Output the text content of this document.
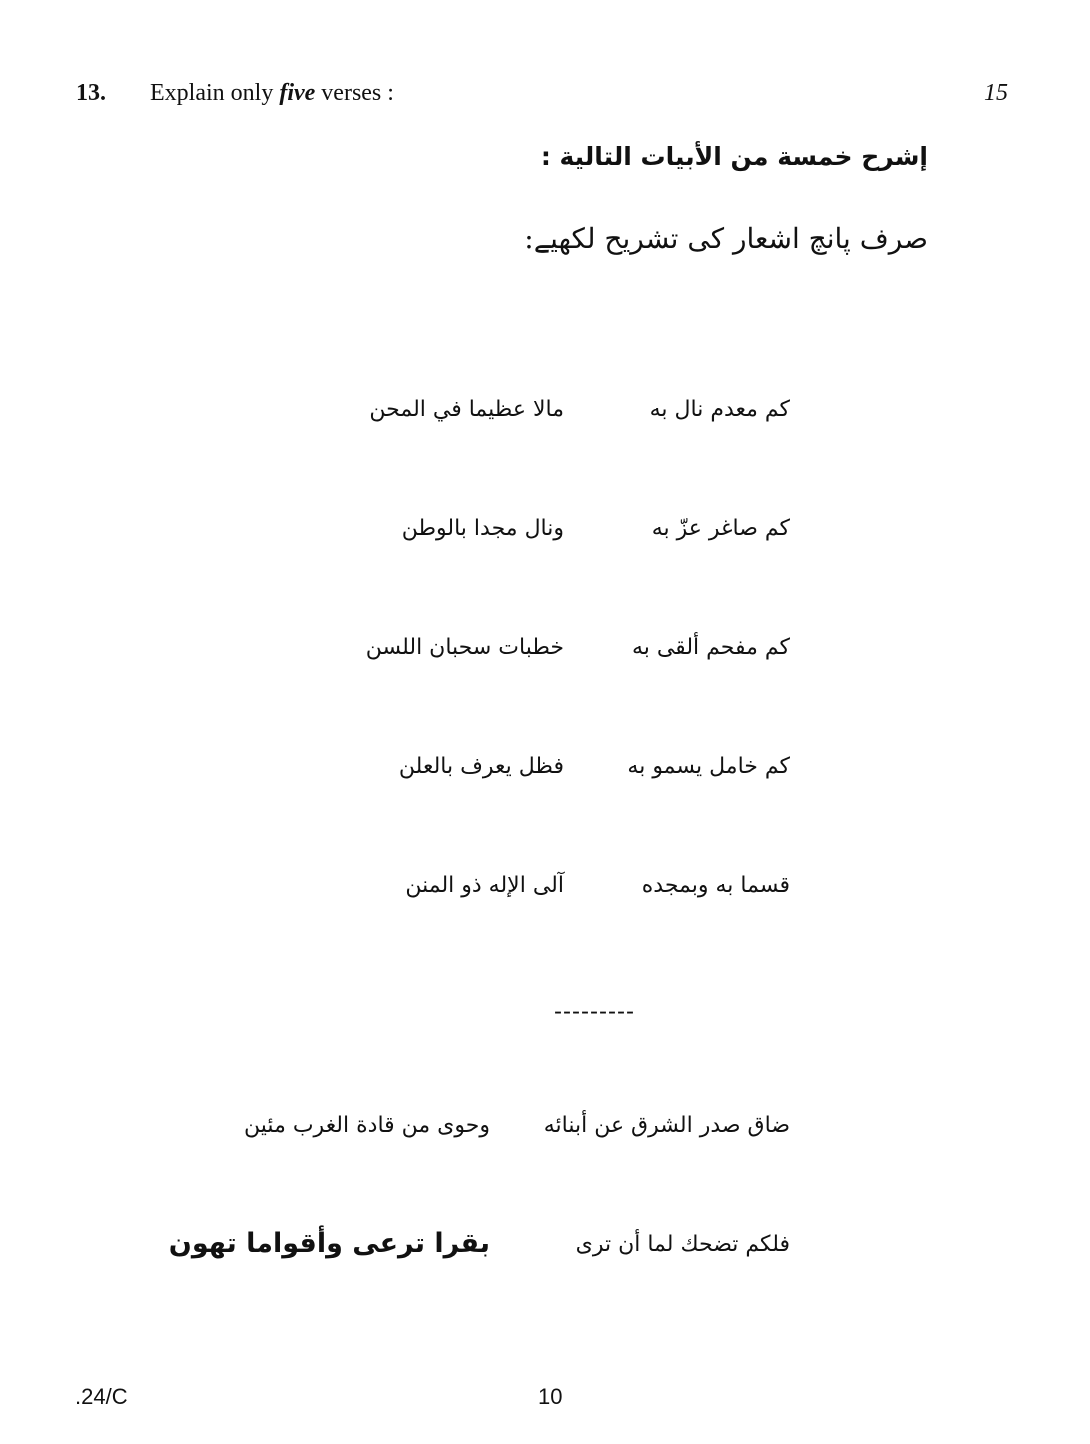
13. Explain only five verses :	15
إشرح خمسة من الأبيات التالية :
صرف پانچ اشعار کی تشریح لکھیے:
كم معدم نال به
مالا عظيما في المحن
كم صاغر عزّ به
ونال مجدا بالوطن
كم مفحم ألقى به
خطبات سحبان اللسن
كم خامل يسمو به
فظل يعرف بالعلن
قسما به وبمجده
آلى الإله ذو المنن
---------
ضاق صدر الشرق عن أبنائه
وحوى من قادة الغرب مئين
فلكم تضحك لما أن ترى
بقرا ترعى وأقواما تهون
.24/C	10
